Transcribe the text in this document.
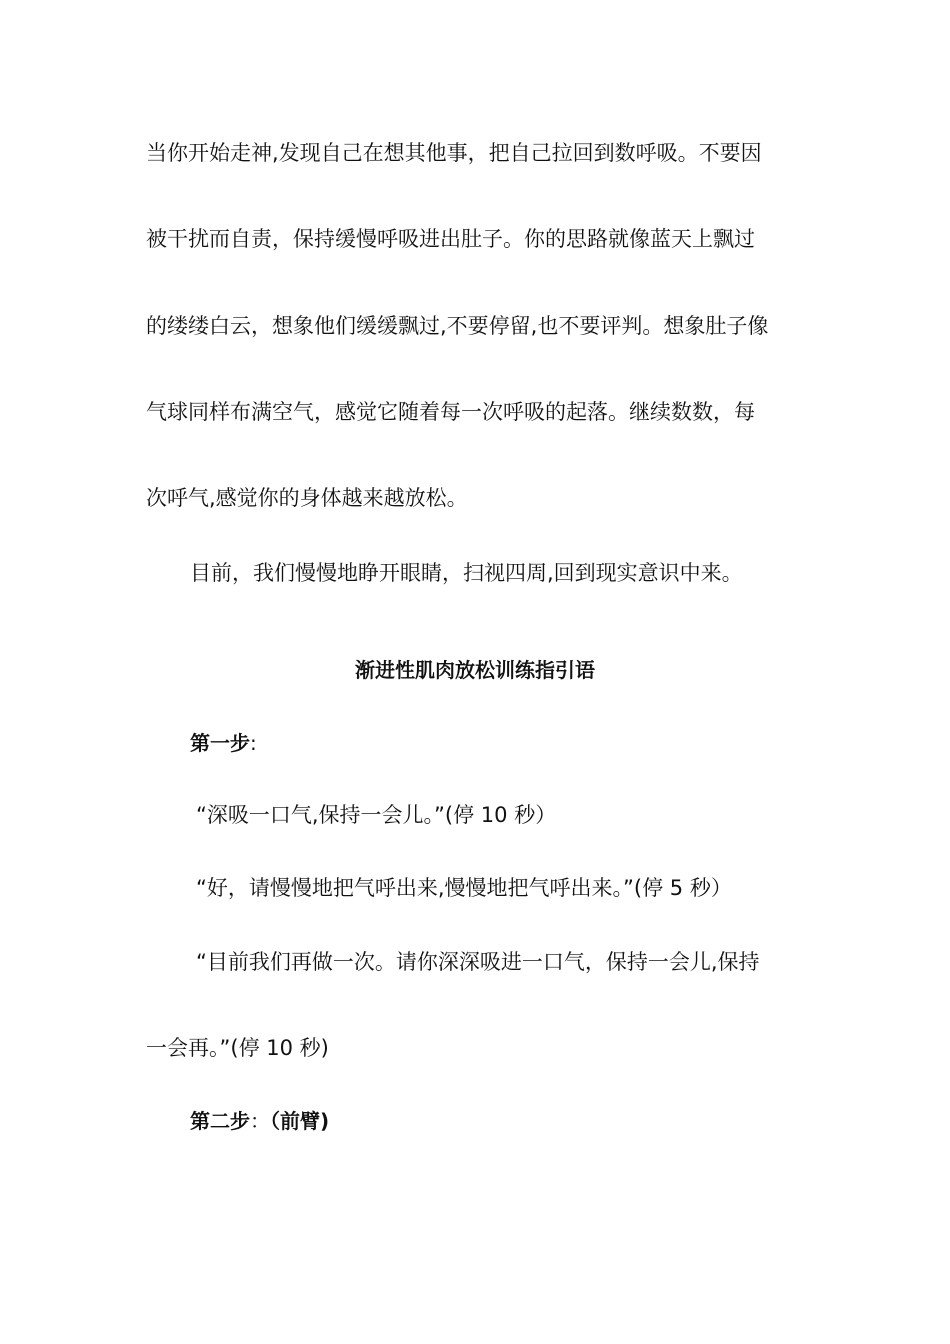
当你开始走神,发现自己在想其他事，把自己拉回到数呼吸。不要因

被干扰而自责，保持缓慢呼吸进出肚子。你的思路就像蓝天上飘过

的缕缕白云，想象他们缓缓飘过,不要停留,也不要评判。想象肚子像

气球同样布满空气，感觉它随着每一次呼吸的起落。继续数数，每

次呼气,感觉你的身体越来越放松。

目前，我们慢慢地睁开眼睛，扫视四周,回到现实意识中来。

渐进性肌肉放松训练指引语

第一步:

“深吸一口气,保持一会儿。”(停 10 秒）

“好，请慢慢地把气呼出来,慢慢地把气呼出来。”(停 5 秒）

“目前我们再做一次。请你深深吸进一口气，保持一会儿,保持

一会再。”(停 10 秒)

第二步：（前臂)
